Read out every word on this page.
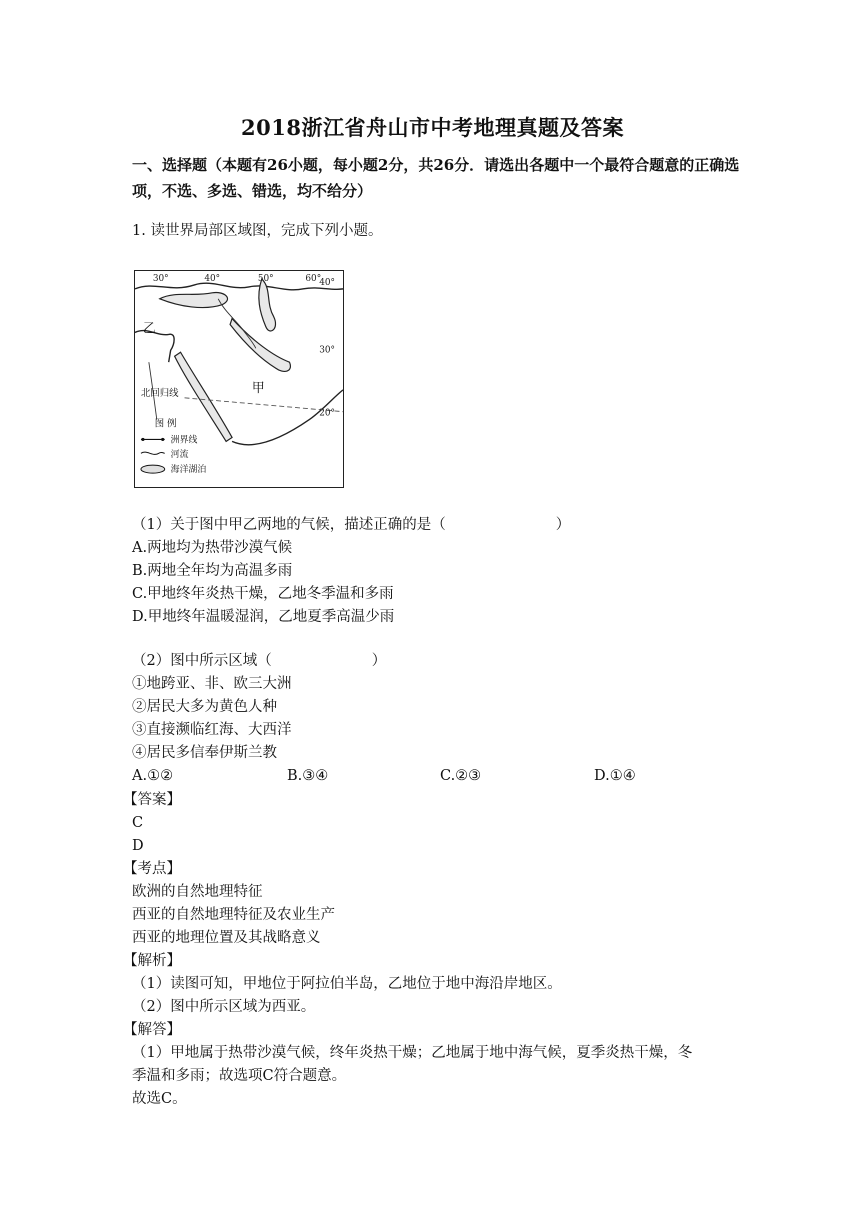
2018浙江省舟山市中考地理真题及答案
一、选择题（本题有26小题，每小题2分，共26分．请选出各题中一个最符合题意的正确选项，不选、多选、错选，均不给分）
1. 读世界局部区域图，完成下列小题。
30°	40°	50°	60°
40°
30°
20°
乙
甲
北回归线
图 例
洲界线
河流
海洋湖泊
（1）关于图中甲乙两地的气候，描述正确的是（	）
A.两地均为热带沙漠气候
B.两地全年均为高温多雨
C.甲地终年炎热干燥，乙地冬季温和多雨
D.甲地终年温暖湿润，乙地夏季高温少雨
（2）图中所示区域（	）
①地跨亚、非、欧三大洲
②居民大多为黄色人种
③直接濒临红海、大西洋
④居民多信奉伊斯兰教
A.①②	B.③④	C.②③	D.①④
【答案】
C
D
【考点】
欧洲的自然地理特征
西亚的自然地理特征及农业生产
西亚的地理位置及其战略意义
【解析】
（1）读图可知，甲地位于阿拉伯半岛，乙地位于地中海沿岸地区。
（2）图中所示区域为西亚。
【解答】
（1）甲地属于热带沙漠气候，终年炎热干燥；乙地属于地中海气候，夏季炎热干燥，冬
季温和多雨；故选项C符合题意。
故选C。
